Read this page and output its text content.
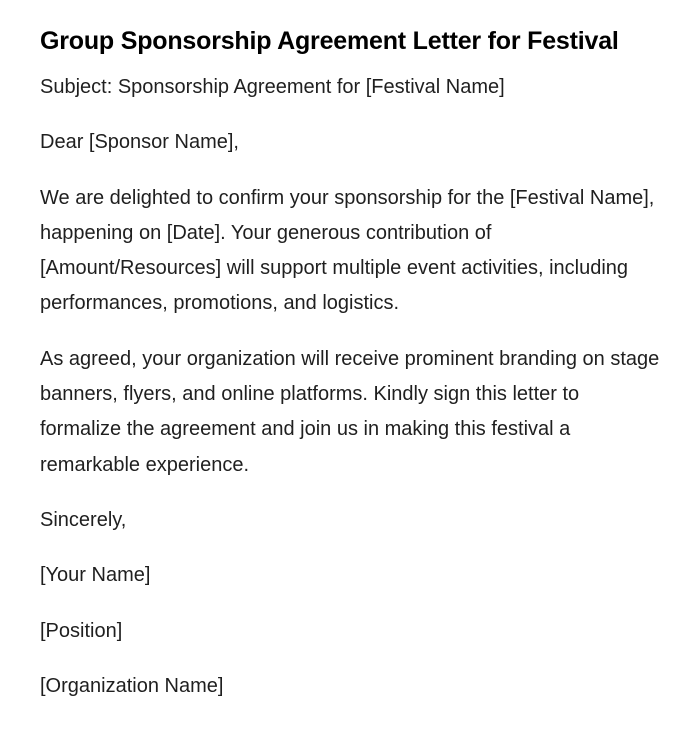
Group Sponsorship Agreement Letter for Festival

Subject: Sponsorship Agreement for [Festival Name]

Dear [Sponsor Name],

We are delighted to confirm your sponsorship for the [Festival Name], happening on [Date]. Your generous contribution of [Amount/Resources] will support multiple event activities, including performances, promotions, and logistics.

As agreed, your organization will receive prominent branding on stage banners, flyers, and online platforms. Kindly sign this letter to formalize the agreement and join us in making this festival a remarkable experience.

Sincerely,

[Your Name]

[Position]

[Organization Name]
